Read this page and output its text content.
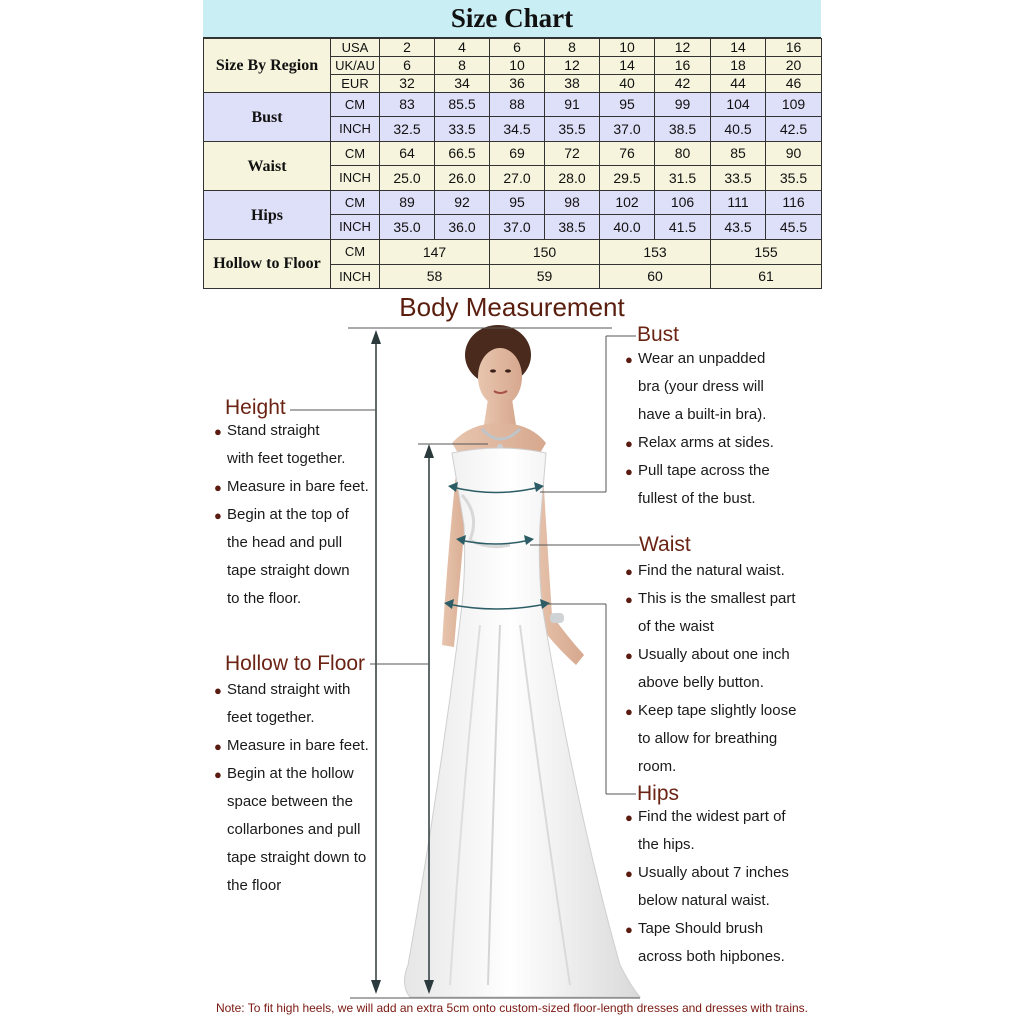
Size Chart
Size By Region	USA	2	4	6	8	10	12	14	16
	UK/AU	6	8	10	12	14	16	18	20
	EUR	32	34	36	38	40	42	44	46
Bust	CM	83	85.5	88	91	95	99	104	109
	INCH	32.5	33.5	34.5	35.5	37.0	38.5	40.5	42.5
Waist	CM	64	66.5	69	72	76	80	85	90
	INCH	25.0	26.0	27.0	28.0	29.5	31.5	33.5	35.5
Hips	CM	89	92	95	98	102	106	111	116
	INCH	35.0	36.0	37.0	38.5	40.0	41.5	43.5	45.5
Hollow to Floor	CM	147		150		153		155	
	INCH	58		59		60		61	
Body Measurement
Height
● Stand straight
with feet together.
● Measure in bare feet.
● Begin at the top of
the head and pull
tape straight down
to the floor.
Hollow to Floor
● Stand straight with
feet together.
● Measure in bare feet.
● Begin at the hollow
space between the
collarbones and pull
tape straight down to
the floor
Bust
● Wear an unpadded
bra (your dress will
have a built-in bra).
● Relax arms at sides.
● Pull tape across the
fullest of the bust.
Waist
● Find the natural waist.
● This is the smallest part
of the waist
● Usually about one inch
above belly button.
● Keep tape slightly loose
to allow for breathing
room.
Hips
● Find the widest part of
the hips.
● Usually about 7 inches
below natural waist.
● Tape Should brush
across both hipbones.
Note: To fit high heels, we will add an extra 5cm onto custom-sized floor-length dresses and dresses with trains.
